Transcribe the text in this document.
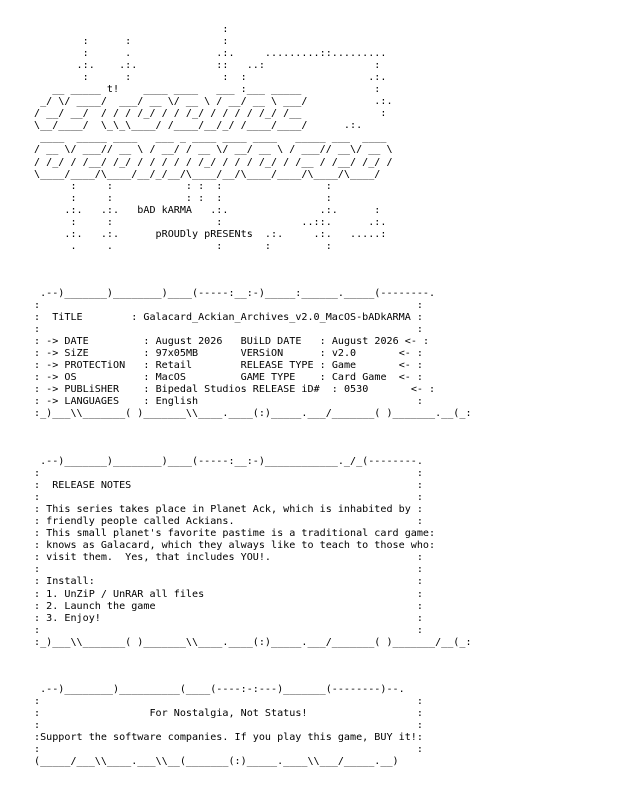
:
:      :               :
:      .              .:.     .........::.........
.:.    .:.             ::   ..:                  :
:      :               :  :                    .:.
__ _____ t!    ____ ____   ___ :___ _____            :
_/ \/ ____/  ___/ __ \/ __ \ / __/ __ \ ___/           .:.
/ __/ __/  / / / /_/ / / /_/ / / / / /_/ /__             :
\__/____/  \_\_\____/ /____/__/_/ /____/____/      .:.
____  _____ ____   ___ _ ____ ____ ____   _____ ___  ____
/ __ \/ ___// __ \ / __/ / __ \/ __/ __ \ / ___// __\/ __ \
/ /_/ / /__/ /_/ / / / / / /_/ / / / /_/ / /__ / /__/ /_/ /
\____/____/\____/__/_/__/\____/__/\____/____/\____/\____/
:     :            : :  :                 :
:     :            : :  :                 :
.:.   .:.   bAD kARMA   .:.               .:.      :
:     :                 :             ..::.      .:.
.:.   .:.      pROUDly pRESENts  .:.     .:.   .....:
.     .                 :       :         :

.--)_______)________)____(-----:__:-)_____:______._____(--------.
:                                                              :
:  TiTLE        : Galacard_Ackian_Archives_v2.0_MacOS-bADkARMA :
:                                                              :
: -> DATE         : August 2026 BUiLD DATE   : August 2026 <- :
: -> SiZE         : 97x05MB	VERSiON      : v2.0	<- :
: -> PROTECTiON   : Retail	RELEASE TYPE : Game	<- :
: -> OS           : MacOS	GAME TYPE    : Card Game <- :
: -> PUBLiSHER    : Bipedal Studios RELEASE iD#  : 0530	<- :
: -> LANGUAGES    : English	:
:_)___\\_______( )_______\\____.____(:)_____.___/_______( )_______.__(_:

.--)_______)________)____(-----:__:-)____________._/_(--------.
:                                                              :
:  RELEASE NOTES	:
:                                                              :
: This series takes place in Planet Ack, which is inhabited by :
: friendly people called Ackians.	:
: This small planet's favorite pastime is a traditional card game:
: knows as Galacard, which they always like to teach to those who:
: visit them.  Yes, that includes YOU!.	:
:                                                              :
: Install:	:
: 1. UnZiP / UnRAR all files	:
: 2. Launch the game	:
: 3. Enjoy!	:
:                                                              :
:_)___\\_______( )_______\\____.____(:)_____.___/_______( )_______/__(_:

.--)________)__________(____(----:-:---)_______(--------)--.
:                                                              :
:                  For Nostalgia, Not Status!	:
:                                                              :
:Support the software companies. If you play this game, BUY it!:
:                                                              :
(_____/___\\____.___\\__(_______(:)_____.____\\___/_____.__)
